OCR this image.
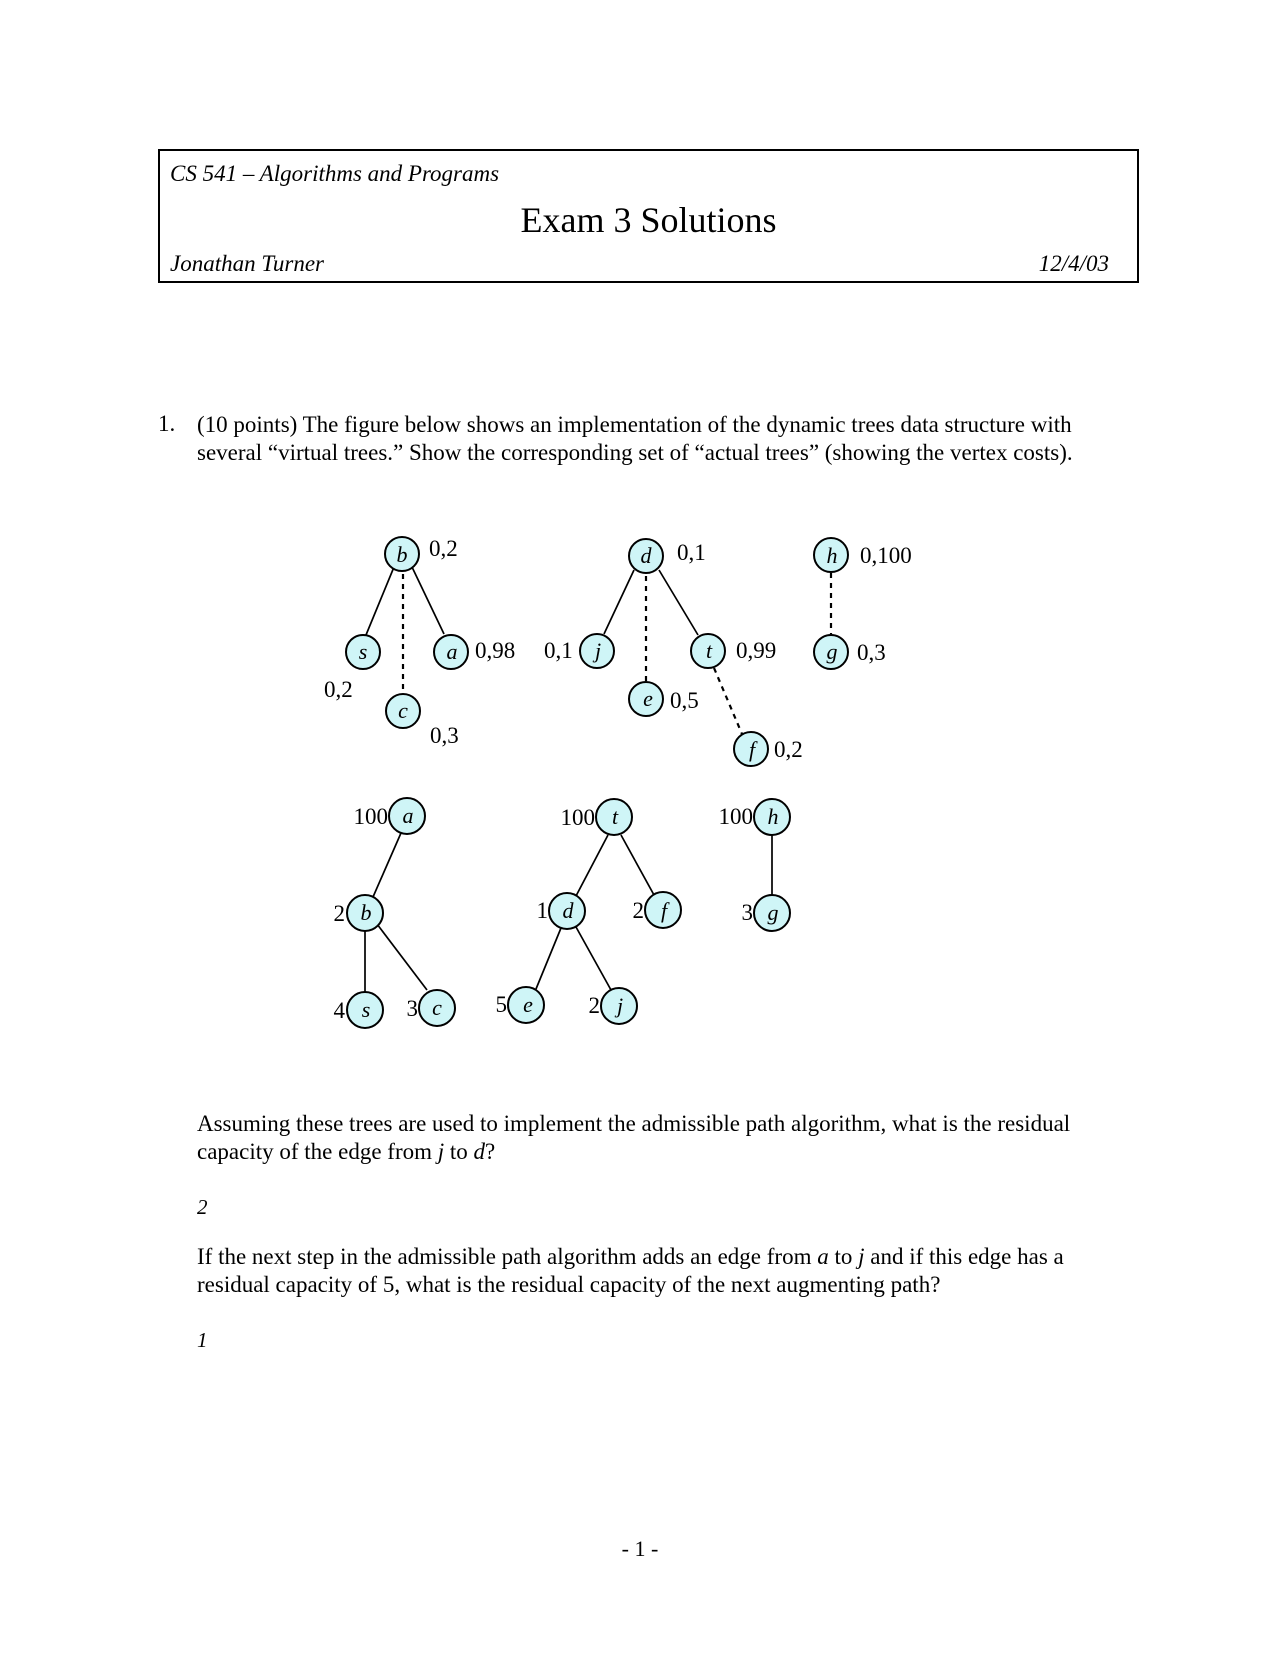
CS 541 – Algorithms and Programs
Exam 3 Solutions
Jonathan Turner	12/4/03
1. (10 points) The figure below shows an implementation of the dynamic trees data structure with several “virtual trees.” Show the corresponding set of “actual trees” (showing the vertex costs).
b
s
c
a
d
j
e
t
f
h
g
0,2
0,2
0,3
0,98
0,1
0,1
0,5
0,99
0,2
0,100
0,3
a
b
s	c
t
d	f
e	j
h
g
100
2
4	3
100
1	2
5	2
100
3
Assuming these trees are used to implement the admissible path algorithm, what is the residual capacity of the edge from j to d?
2
If the next step in the admissible path algorithm adds an edge from a to j and if this edge has a residual capacity of 5, what is the residual capacity of the next augmenting path?
1
- 1 -
